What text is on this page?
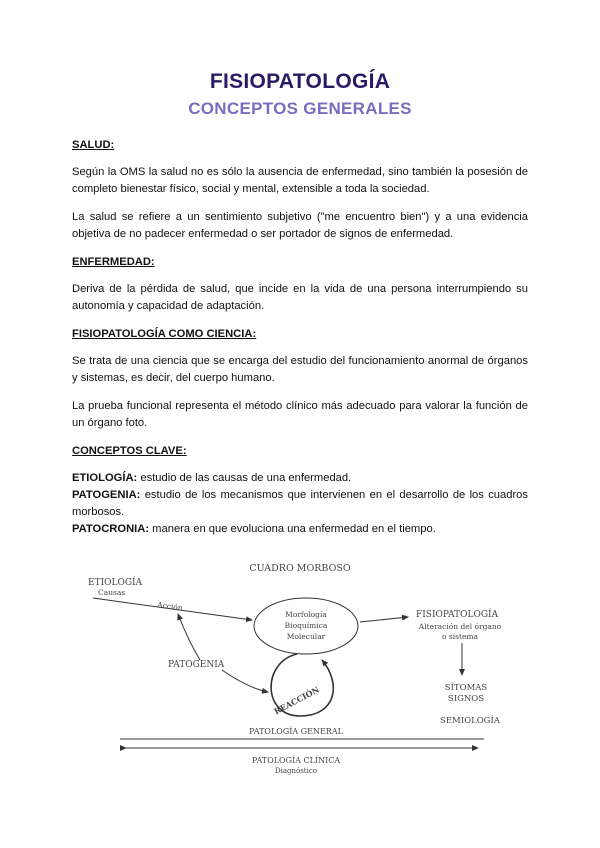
FISIOPATOLOGÍA
CONCEPTOS GENERALES
SALUD:
Según la OMS la salud no es sólo la ausencia de enfermedad, sino también la posesión de completo bienestar físico, social y mental, extensible a toda la sociedad.
La salud se refiere a un sentimiento subjetivo ("me encuentro bien") y a una evidencia objetiva de no padecer enfermedad o ser portador de signos de enfermedad.
ENFERMEDAD:
Deriva de la pérdida de salud, que incide en la vida de una persona interrumpiendo su autonomía y capacidad de adaptación.
FISIOPATOLOGÍA COMO CIENCIA:
Se trata de una ciencia que se encarga del estudio del funcionamiento anormal de órganos y sistemas, es decir, del cuerpo humano.
La prueba funcional representa el método clínico más adecuado para valorar la función de un órgano foto.
CONCEPTOS CLAVE:
ETIOLOGÍA: estudio de las causas de una enfermedad.
PATOGENIA: estudio de los mecanismos que intervienen en el desarrollo de los cuadros morbosos.
PATOCRONIA: manera en que evoluciona una enfermedad en el tiempo.
CUADRO MORBOSO
ETIOLOGÍA
Causas
Acción
Morfología
Bioquímica
Molecular
FISIOPATOLOGÍA
Alteración del órgano
o sistema
SÍTOMAS
SIGNOS
SEMIOLOGÍA
PATOGENIA
REACCIÓN
PATOLOGÍA GENERAL
PATOLOGÍA CLÍNICA
Diagnóstico
